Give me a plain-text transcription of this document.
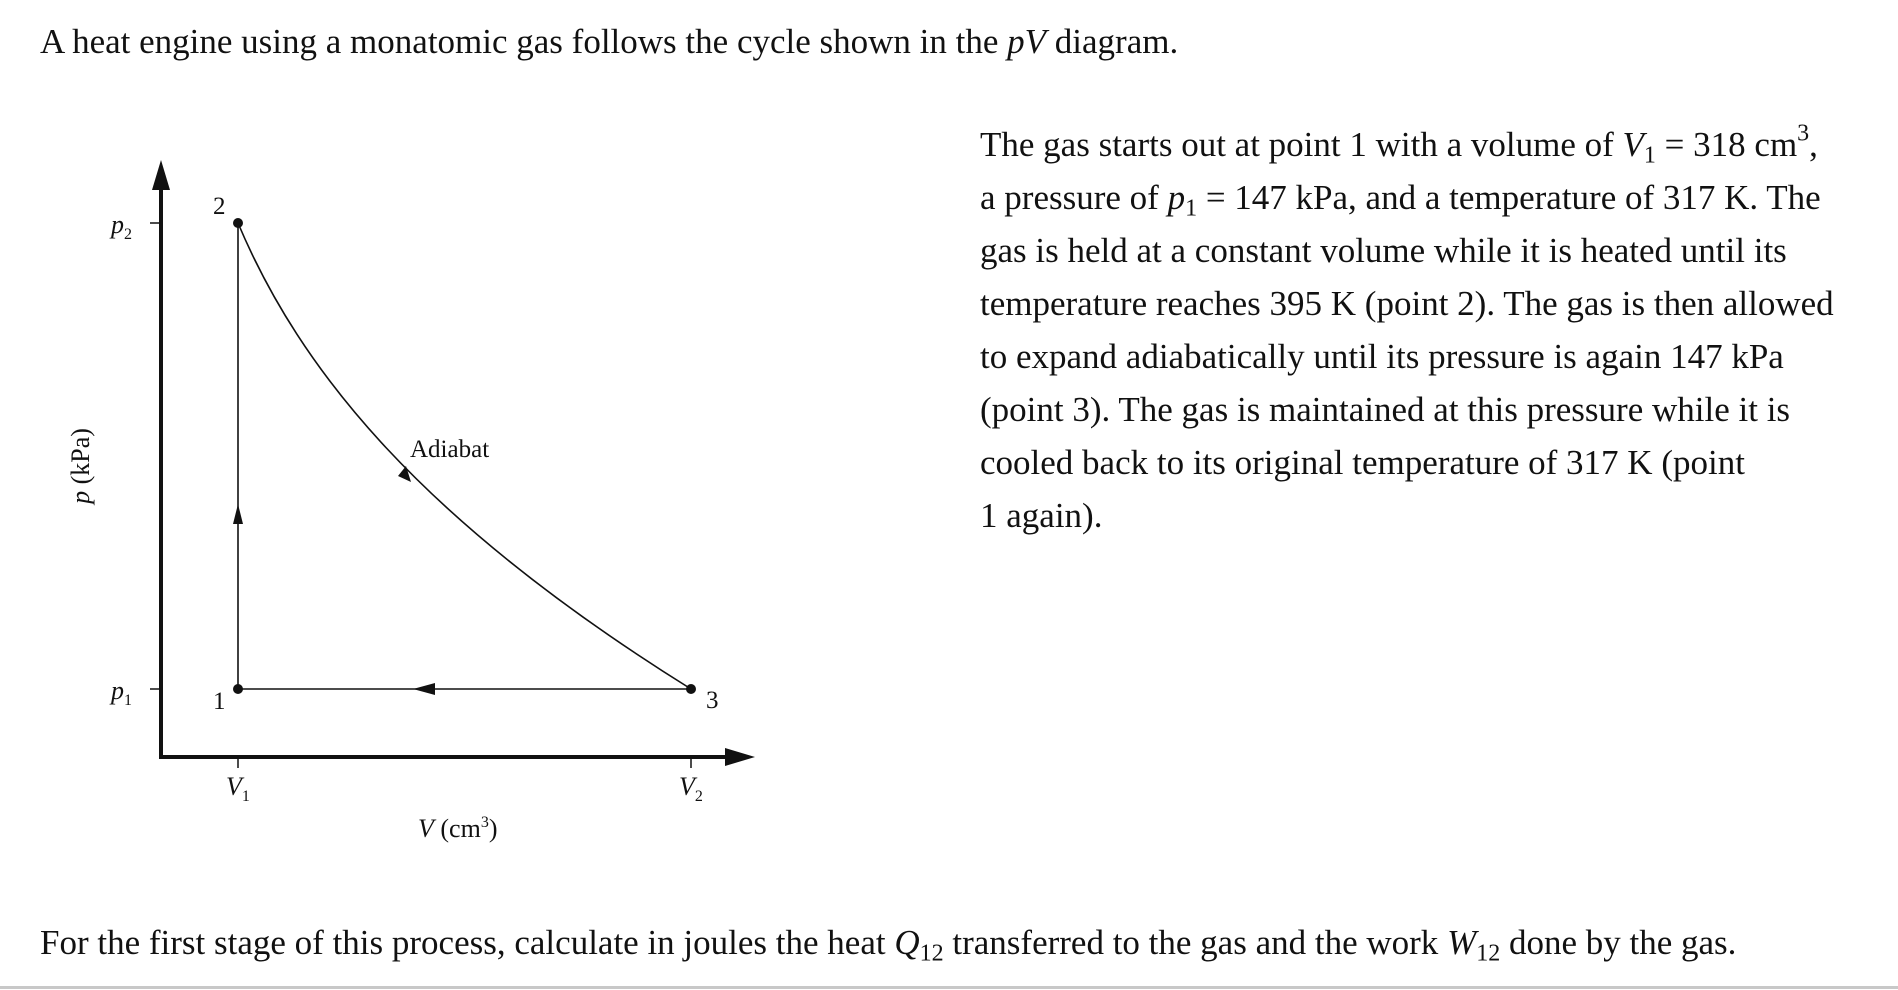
A heat engine using a monatomic gas follows the cycle shown in the pV diagram.
2
1	3
Adiabat
$p_2$
$p_1$
$V_1$	$V_2$
V $(cm^3)$
p (kPa)
The gas starts out at point 1 with a volume of $V_1 = 318$ $cm^3$,
a pressure of $p_1 = 147$ kPa, and a temperature of 317 K. The
gas is held at a constant volume while it is heated until its
temperature reaches 395 K (point 2). The gas is then allowed
to expand adiabatically until its pressure is again 147 kPa
(point 3). The gas is maintained at this pressure while it is
cooled back to its original temperature of 317 K (point
1 again).
For the first stage of this process, calculate in joules the heat $Q_{12}$ transferred to the gas and the work $W_{12}$ done by the gas.
